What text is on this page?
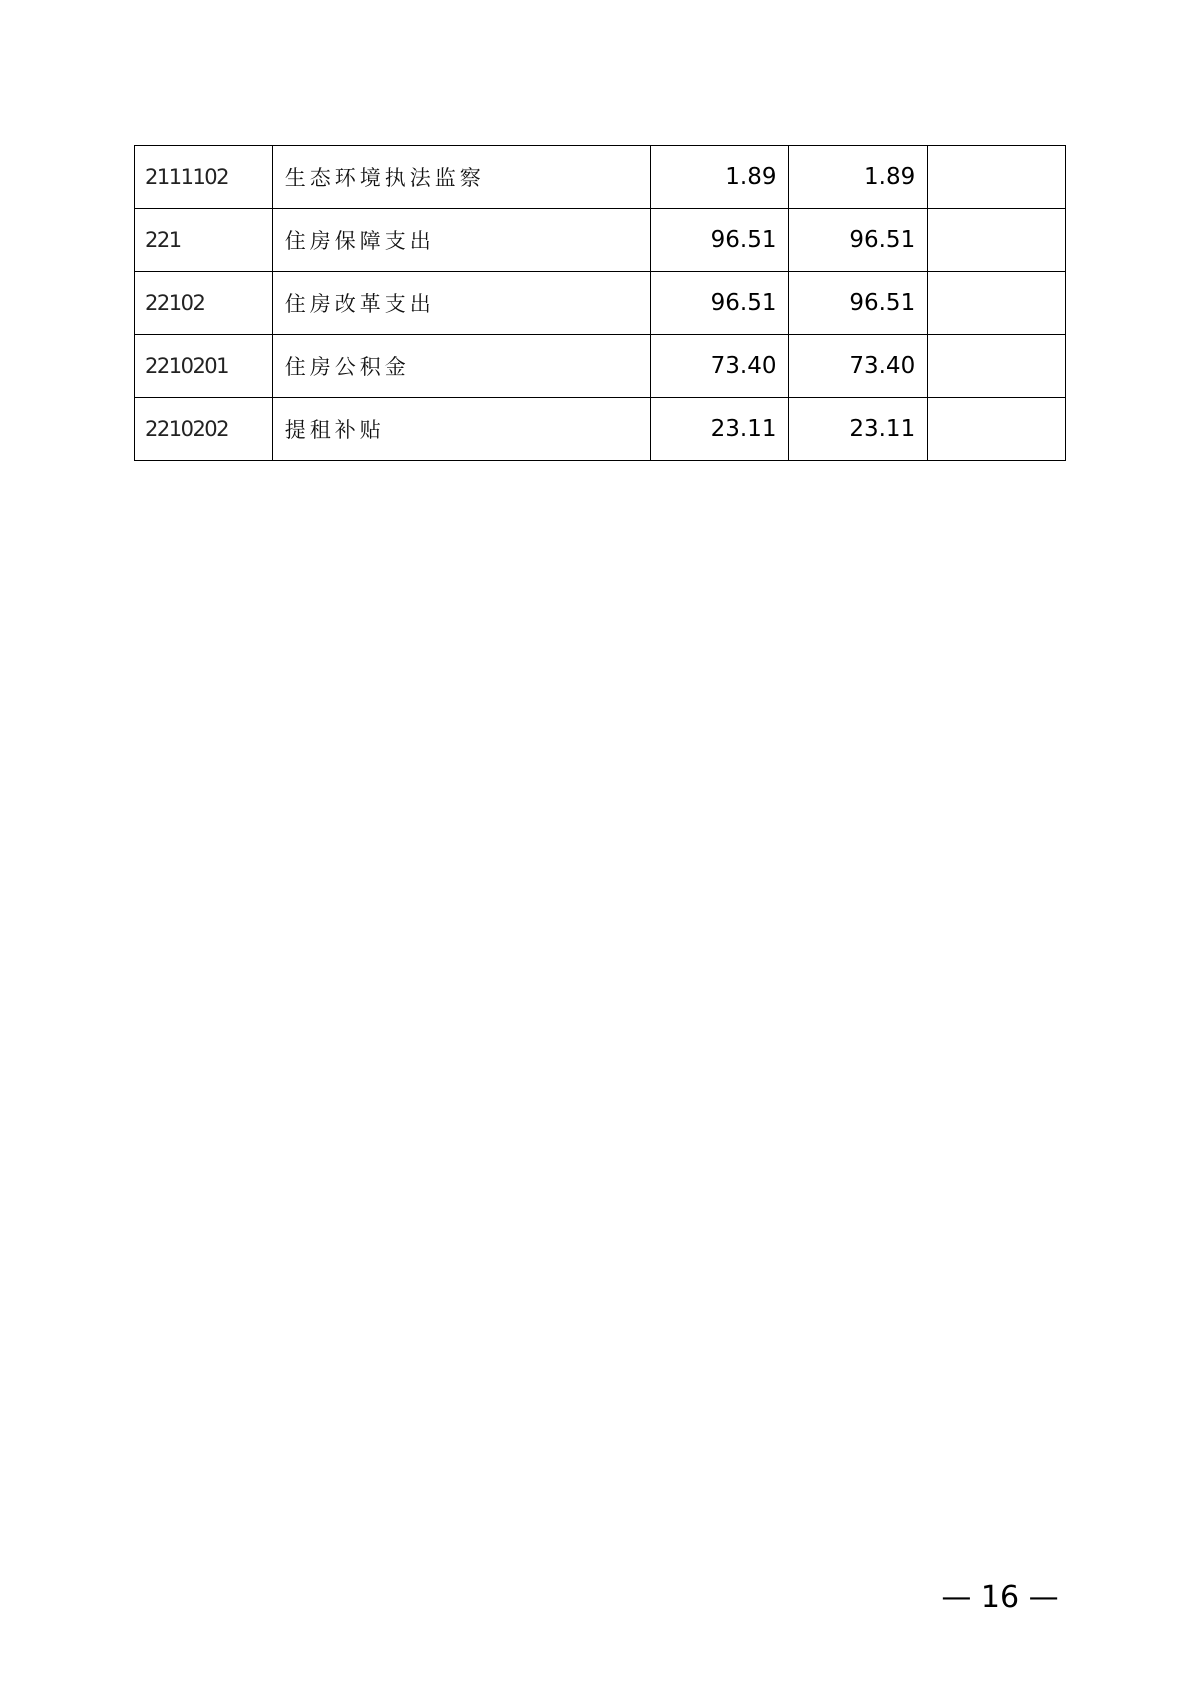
2111102	生态环境执法监察	1.89	1.89	
221	住房保障支出	96.51	96.51	
22102	住房改革支出	96.51	96.51	
2210201	住房公积金	73.40	73.40	
2210202	提租补贴	23.11	23.11	
— 16 —
